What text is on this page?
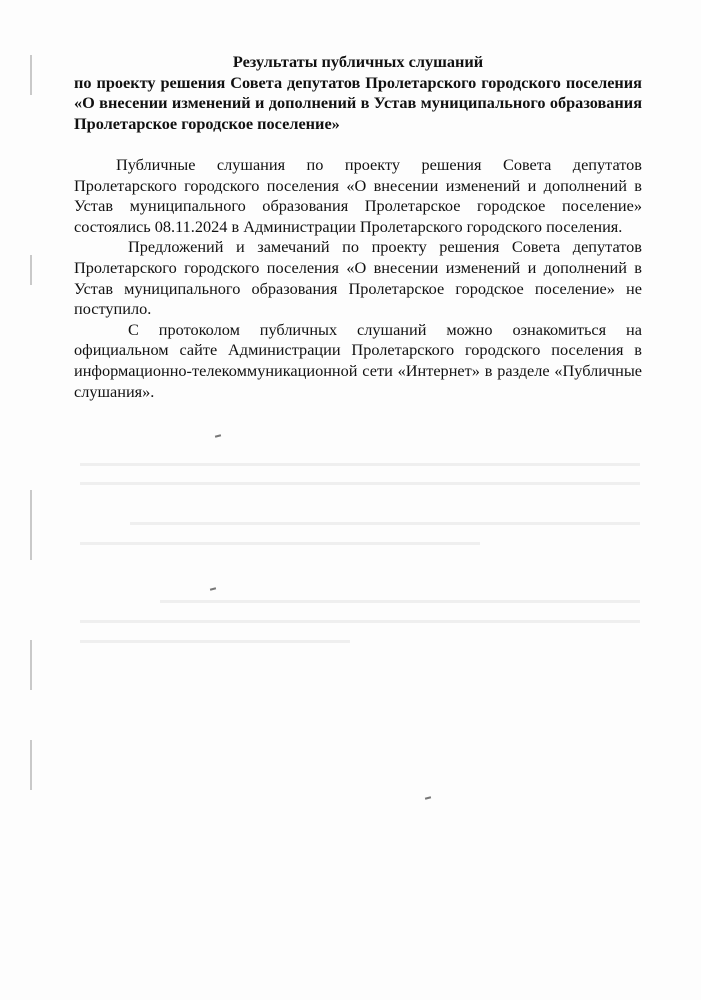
Результаты публичных слушаний
по проекту решения Совета депутатов Пролетарского городского поселения «О внесении изменений и дополнений в Устав муниципального образования Пролетарское городское поселение»

Публичные слушания по проекту решения Совета депутатов Пролетарского городского поселения «О внесении изменений и дополнений в Устав муниципального образования Пролетарское городское поселение» состоялись 08.11.2024 в Администрации Пролетарского городского поселения.

Предложений и замечаний по проекту решения Совета депутатов Пролетарского городского поселения «О внесении изменений и дополнений в Устав муниципального образования Пролетарское городское поселение» не поступило.

С протоколом публичных слушаний можно ознакомиться на официальном сайте Администрации Пролетарского городского поселения в информационно-телекоммуникационной сети «Интернет» в разделе «Публичные слушания».
